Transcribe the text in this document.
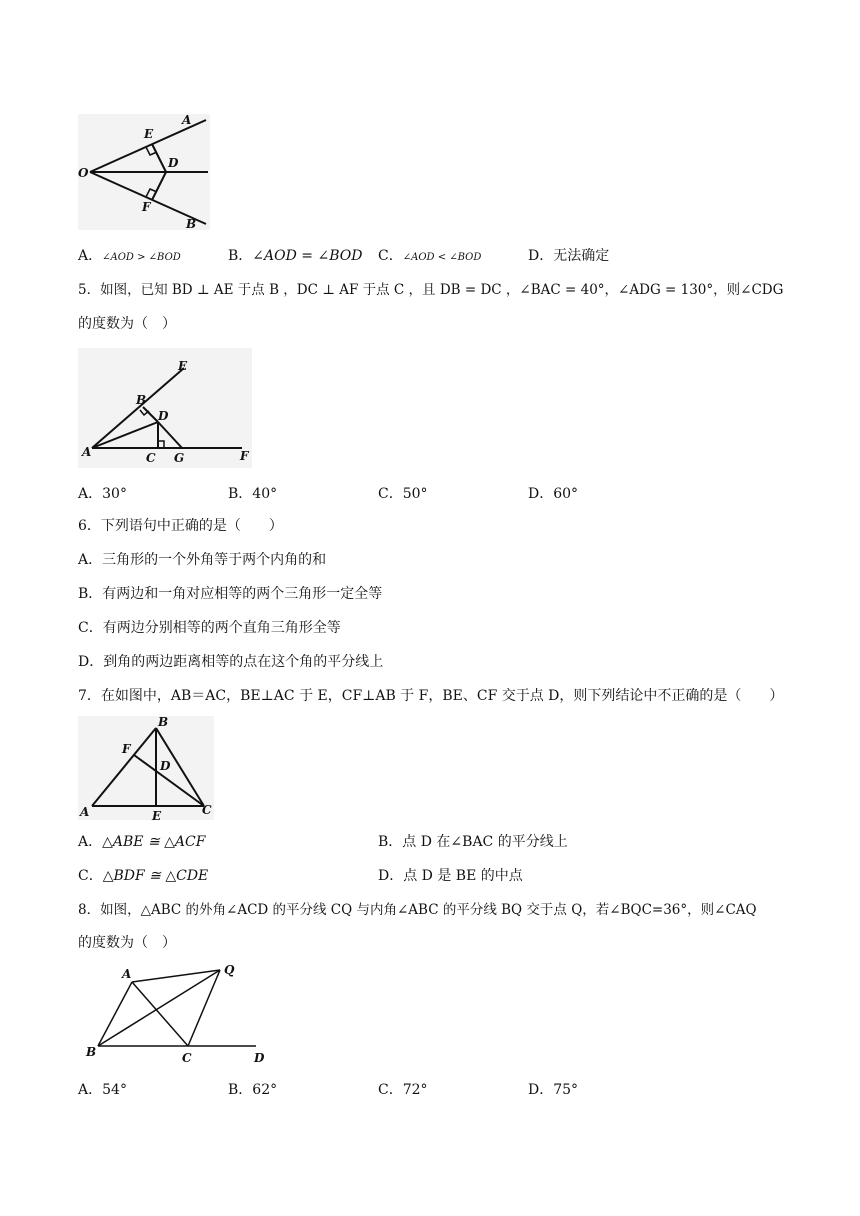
O
A
B
D
E
F
A．∠AOD > ∠BOD	B．∠AOD = ∠BOD C．∠AOD < ∠BOD	D．无法确定
5．如图，已知 BD ⊥ AE 于点 B ，DC ⊥ AF 于点 C ，且 DB = DC ，∠BAC = 40°，∠ADG = 130°，则∠CDG
的度数为（　）
A
B
C
D
E
F
G
A．30°	B．40°	C．50°	D．60°
6．下列语句中正确的是（　　）
A．三角形的一个外角等于两个内角的和
B．有两边和一角对应相等的两个三角形一定全等
C．有两边分别相等的两个直角三角形全等
D．到角的两边距离相等的点在这个角的平分线上
7．在如图中，AB＝AC，BE⊥AC 于 E，CF⊥AB 于 F，BE、CF 交于点 D，则下列结论中不正确的是（　　）
A
B
C
D
E
F
A．△ABE ≅ △ACF	B．点 D 在∠BAC 的平分线上
C．△BDF ≅ △CDE	D．点 D 是 BE 的中点
8．如图，△ABC 的外角∠ACD 的平分线 CQ 与内角∠ABC 的平分线 BQ 交于点 Q，若∠BQC=36°，则∠CAQ
的度数为（　）
A	Q
B	C	D
A．54°	B．62°	C．72°	D．75°
